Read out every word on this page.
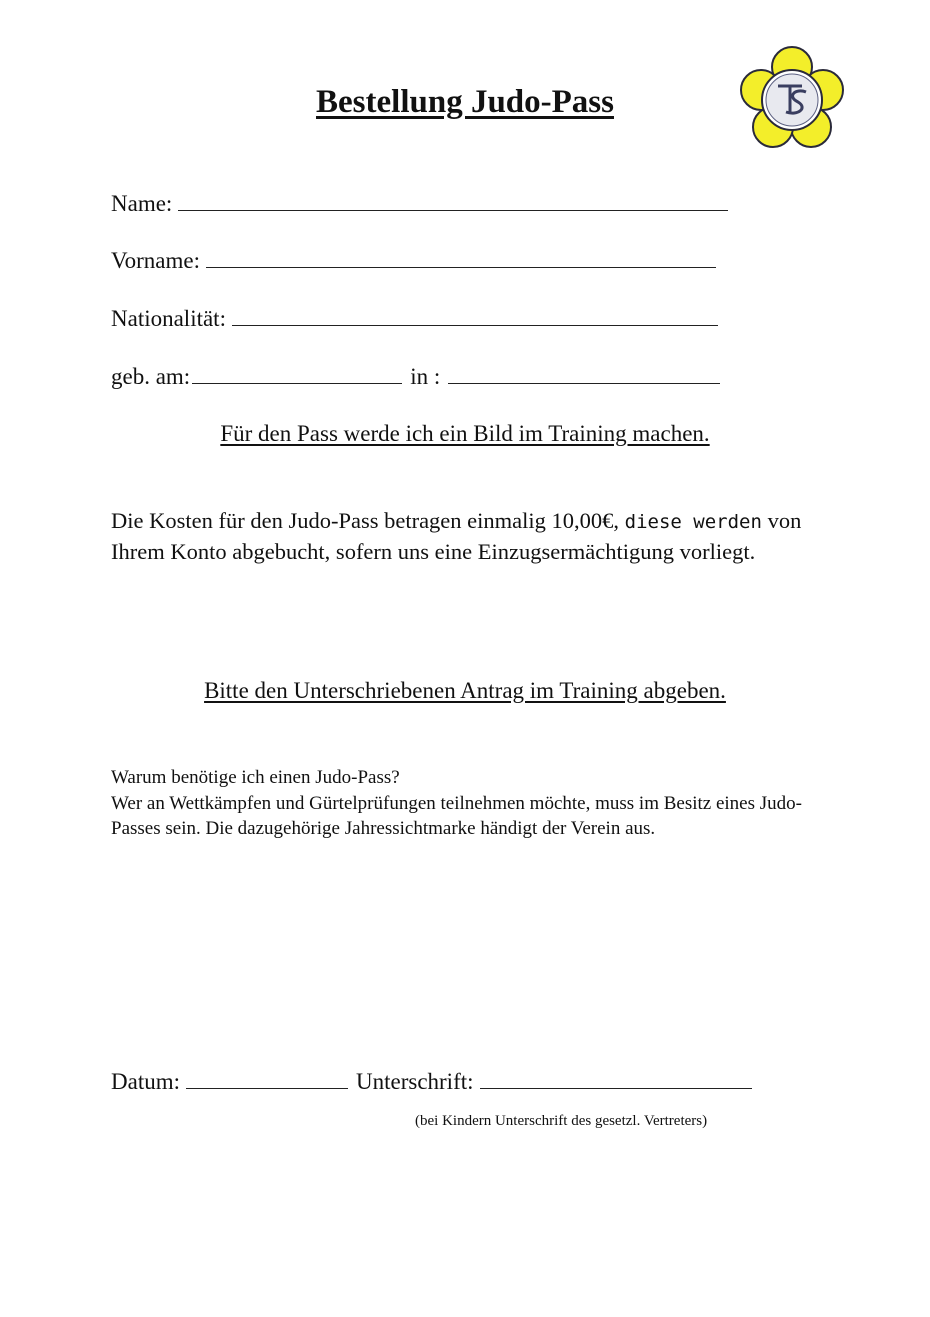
Bestellung Judo-Pass
Name:
Vorname:
Nationalität:
geb. am:	in :
Für den Pass werde ich ein Bild im Training machen.
Die Kosten für den Judo-Pass betragen einmalig 10,00€, diese werden von Ihrem Konto abgebucht, sofern uns eine Einzugsermächtigung vorliegt.
Bitte den Unterschriebenen Antrag im Training abgeben.
Warum benötige ich einen Judo-Pass?
Wer an Wettkämpfen und Gürtelprüfungen teilnehmen möchte, muss im Besitz eines Judo-Passes sein. Die dazugehörige Jahressichtmarke händigt der Verein aus.
Datum:	Unterschrift:
(bei Kindern Unterschrift des gesetzl. Vertreters)
